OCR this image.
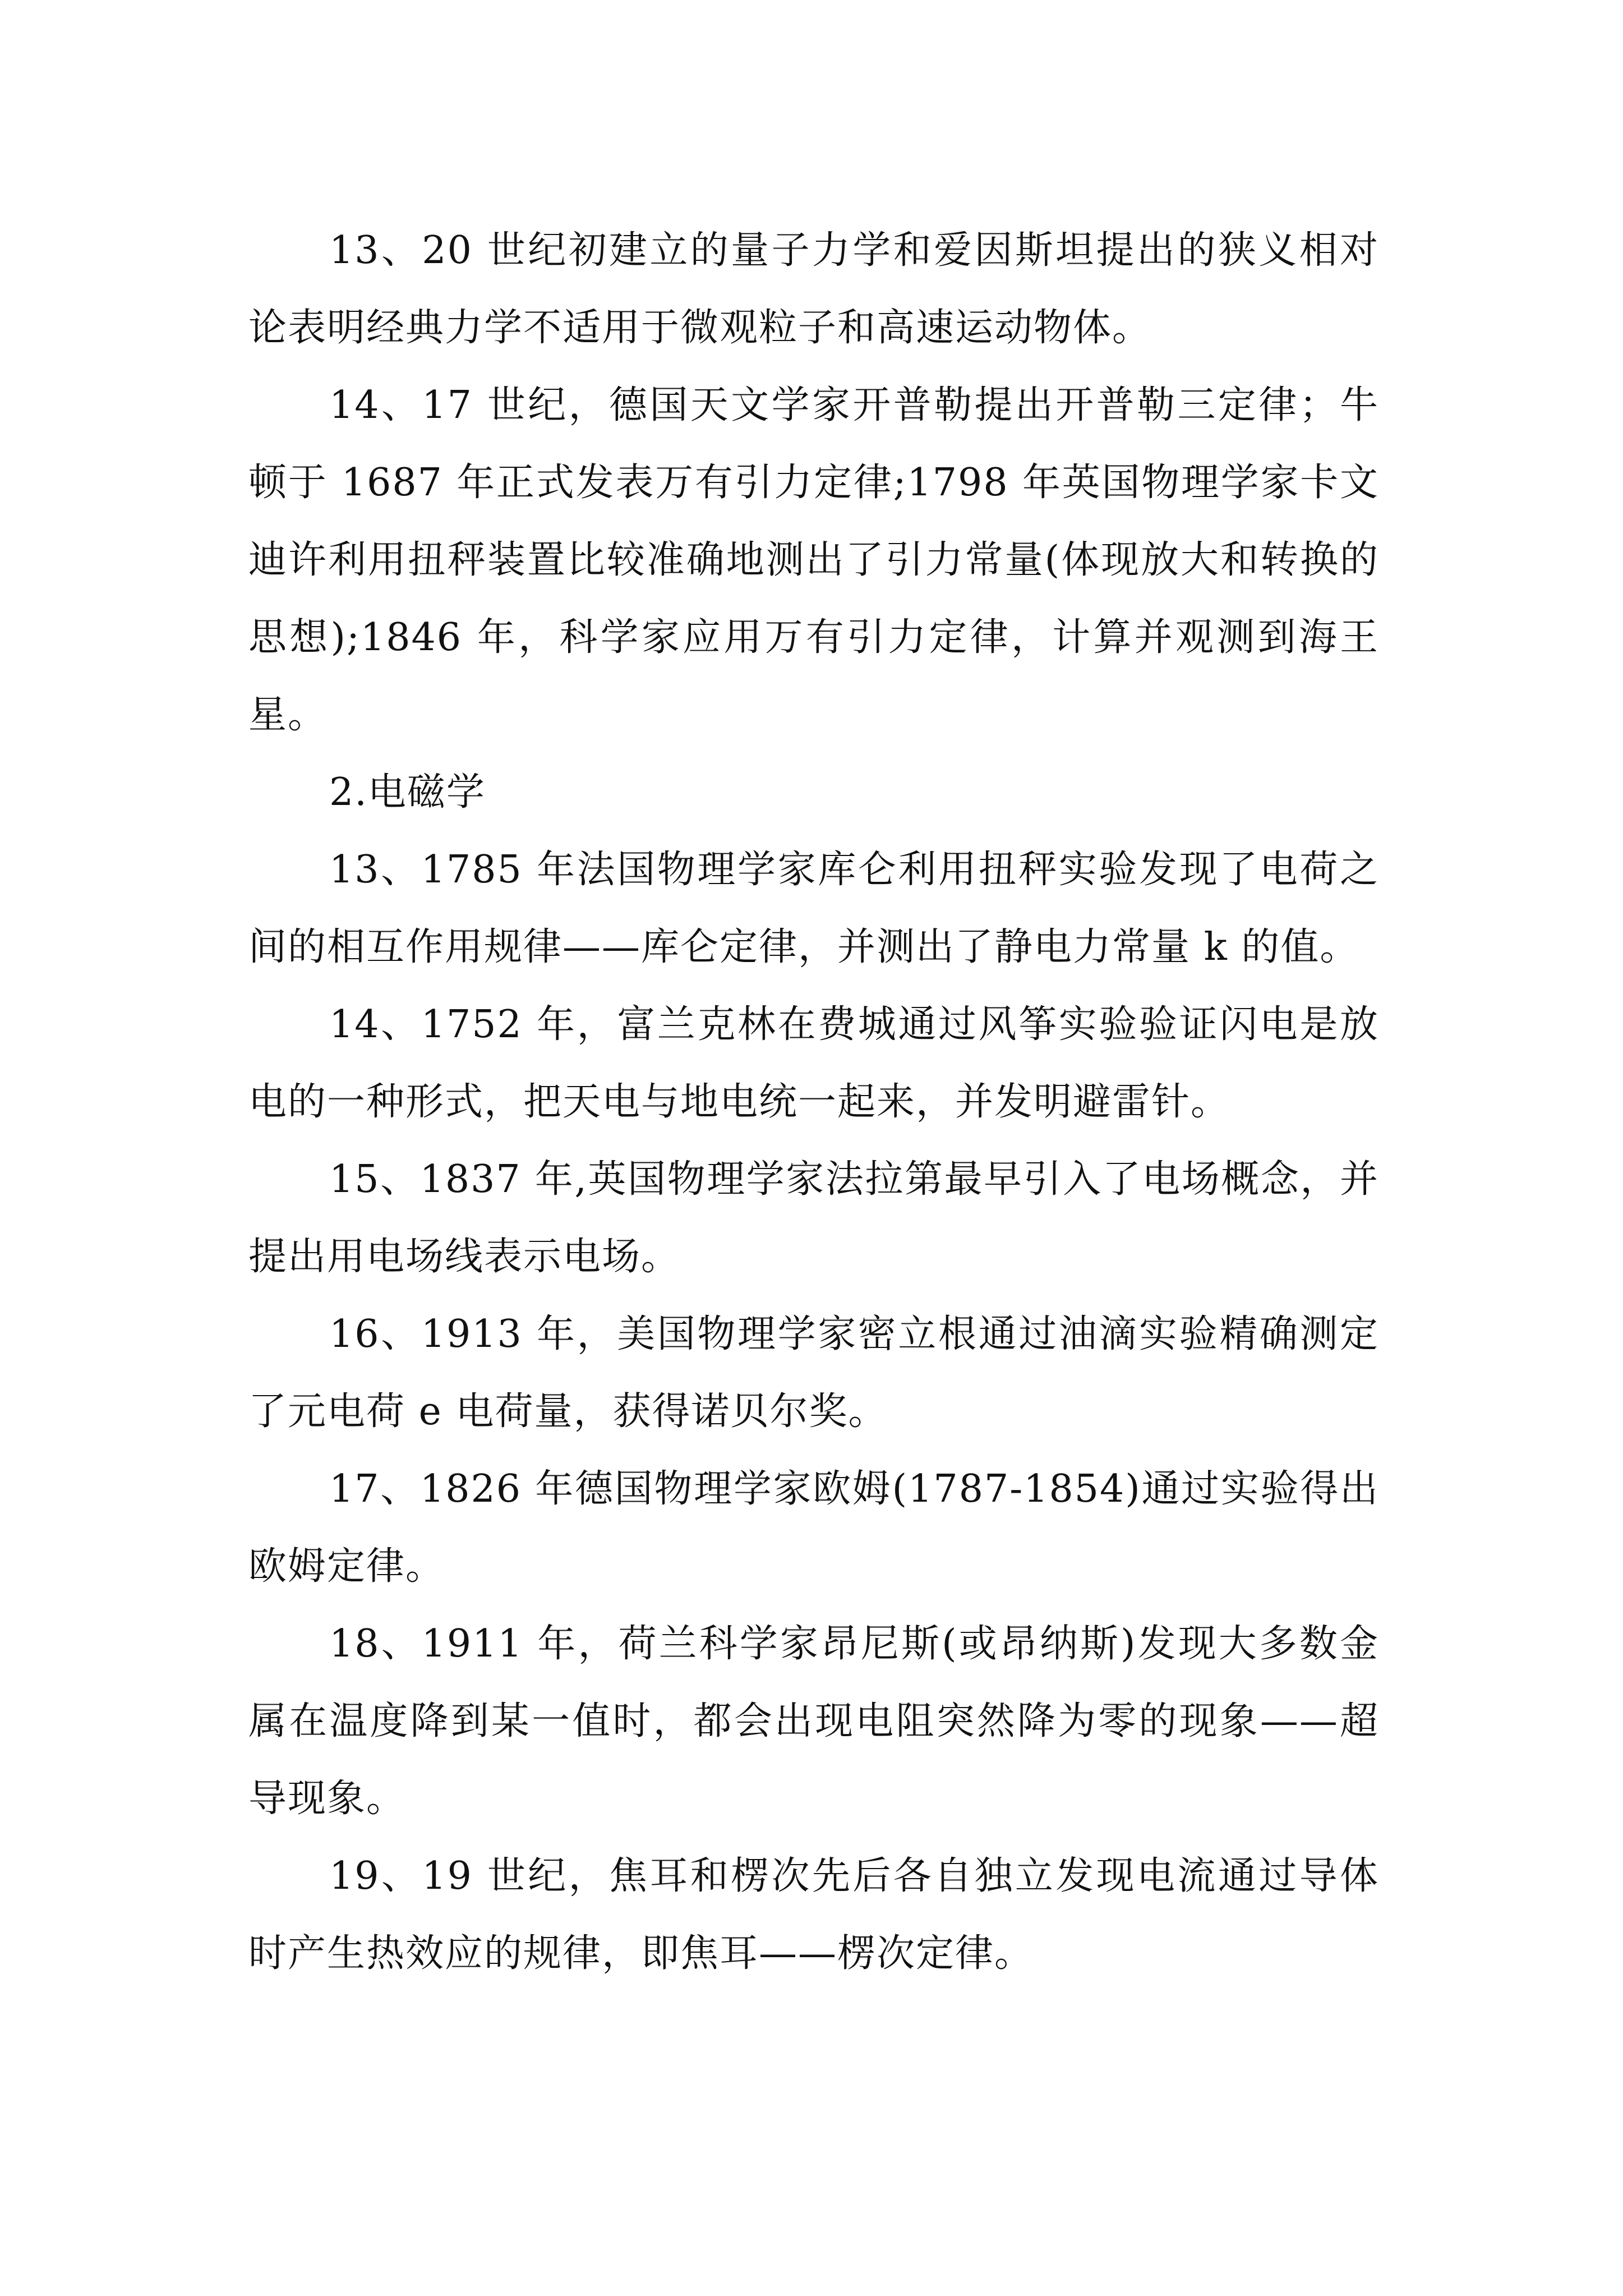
13、20 世纪初建立的量子力学和爱因斯坦提出的狭义相对论表明经典力学不适用于微观粒子和高速运动物体。

14、17 世纪，德国天文学家开普勒提出开普勒三定律；牛顿于 1687 年正式发表万有引力定律;1798 年英国物理学家卡文迪许利用扭秤装置比较准确地测出了引力常量(体现放大和转换的思想);1846 年，科学家应用万有引力定律，计算并观测到海王星。

2.电磁学

13、1785 年法国物理学家库仑利用扭秤实验发现了电荷之间的相互作用规律——库仑定律，并测出了静电力常量 k 的值。

14、1752 年，富兰克林在费城通过风筝实验验证闪电是放电的一种形式，把天电与地电统一起来，并发明避雷针。

15、1837 年,英国物理学家法拉第最早引入了电场概念，并提出用电场线表示电场。

16、1913 年，美国物理学家密立根通过油滴实验精确测定了元电荷 e 电荷量，获得诺贝尔奖。

17、1826 年德国物理学家欧姆(1787-1854)通过实验得出欧姆定律。

18、1911 年，荷兰科学家昂尼斯(或昂纳斯)发现大多数金属在温度降到某一值时，都会出现电阻突然降为零的现象——超导现象。

19、19 世纪，焦耳和楞次先后各自独立发现电流通过导体时产生热效应的规律，即焦耳——楞次定律。
